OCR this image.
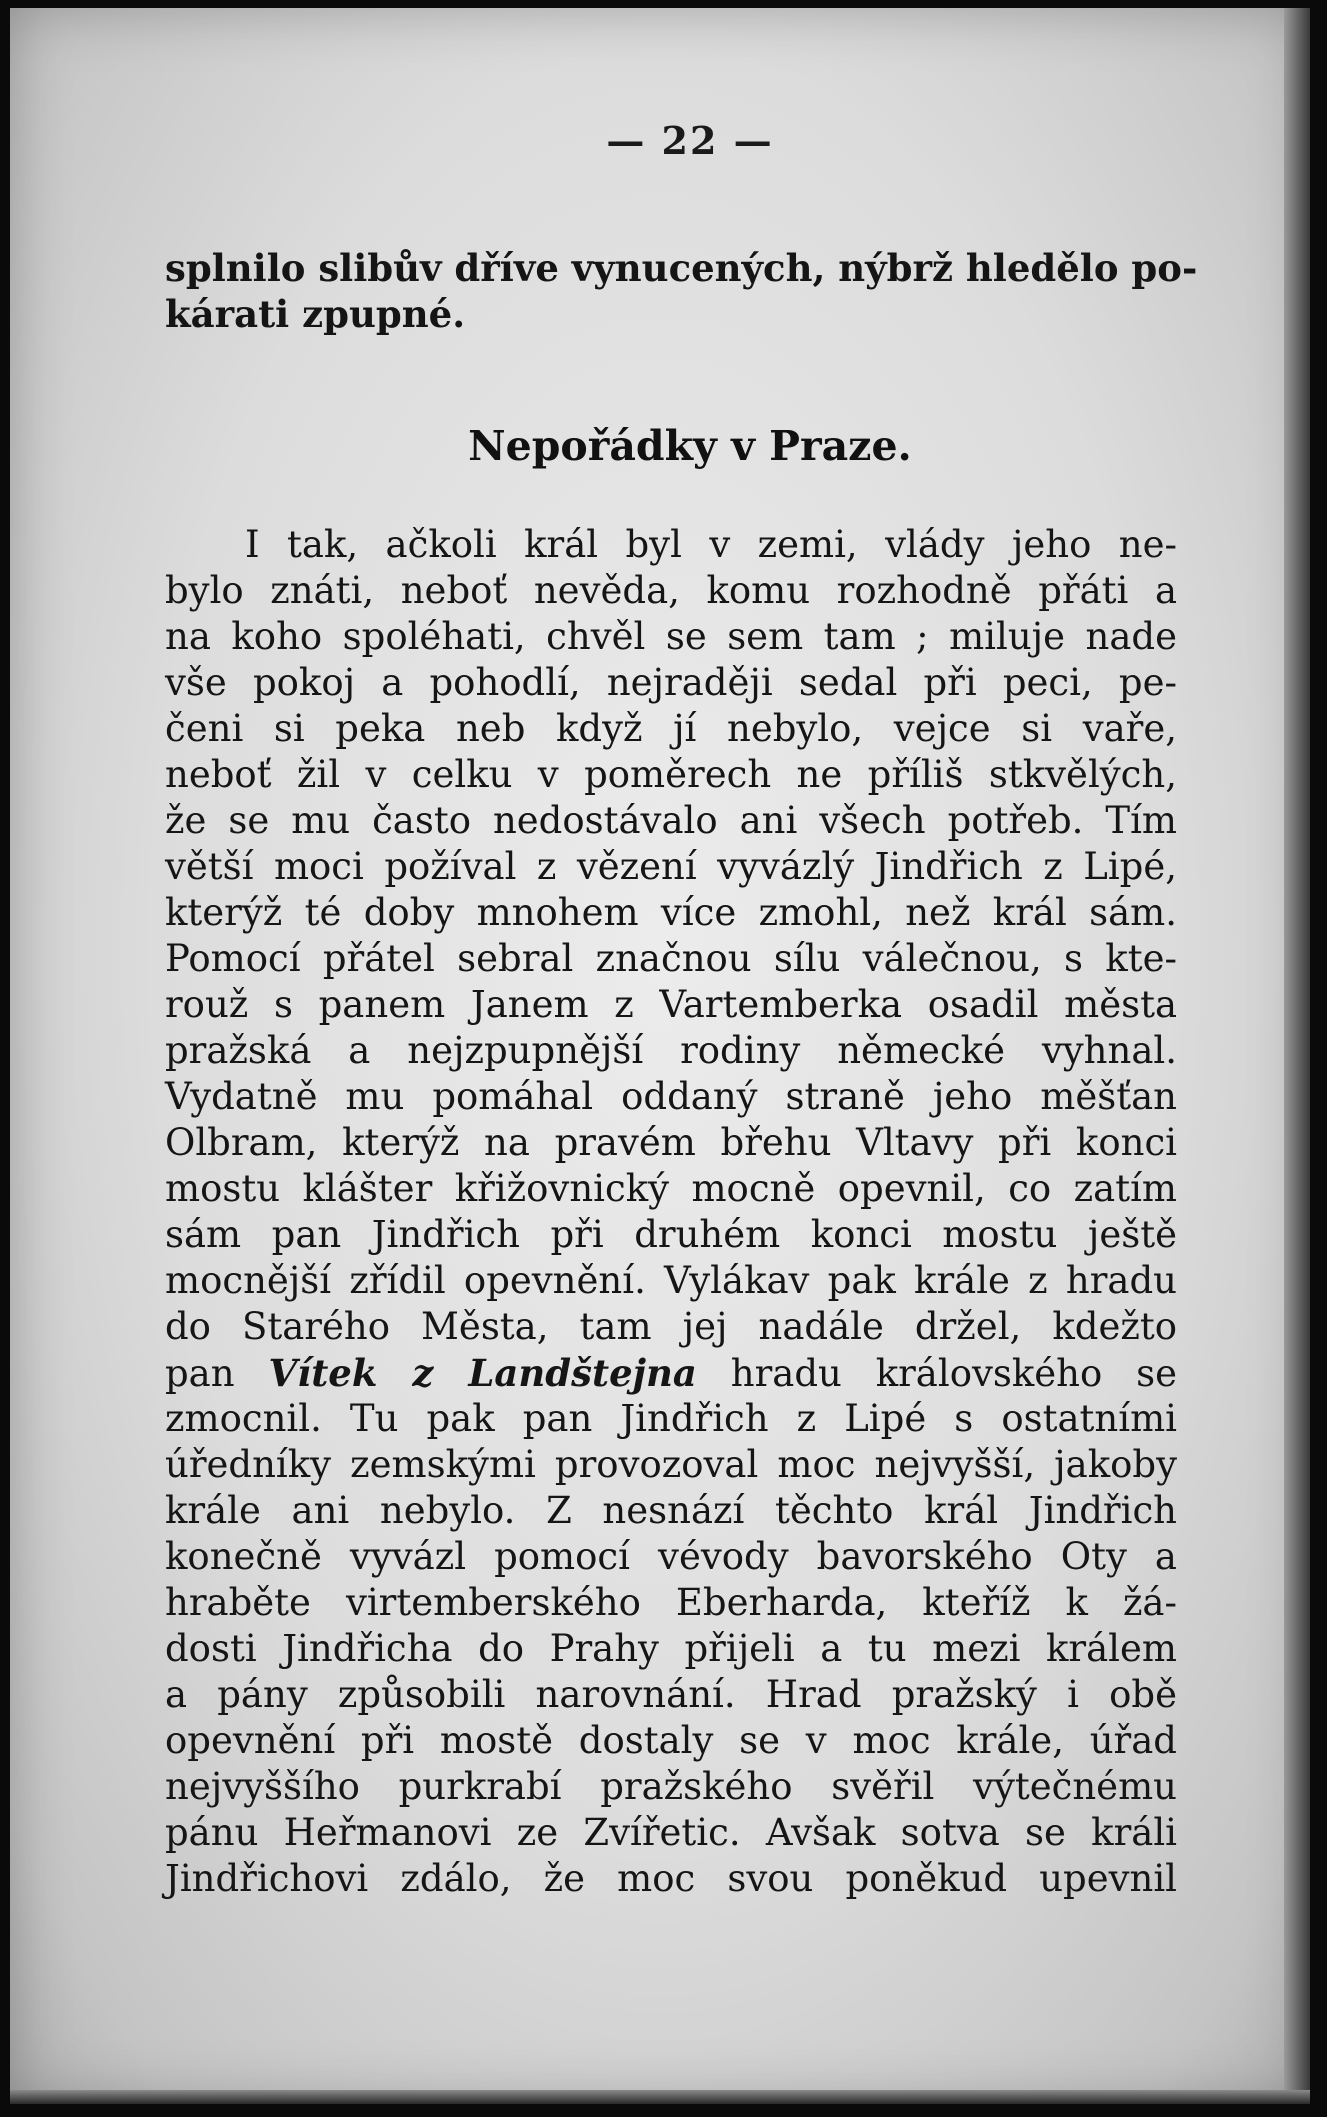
— 22 —
splnilo slibův dříve vynucených, nýbrž hledělo po-
kárati zpupné.
Nepořádky v Praze.
I tak, ačkoli král byl v zemi, vlády jeho ne-
bylo znáti, neboť nevěda, komu rozhodně přáti a
na koho spoléhati, chvěl se sem tam ; miluje nade
vše pokoj a pohodlí, nejraději sedal při peci, pe-
čeni si peka neb když jí nebylo, vejce si vaře,
neboť žil v celku v poměrech ne příliš stkvělých,
že se mu často nedostávalo ani všech potřeb. Tím
větší moci požíval z vězení vyvázlý Jindřich z Lipé,
kterýž té doby mnohem více zmohl, než král sám.
Pomocí přátel sebral značnou sílu válečnou, s kte-
rouž s panem Janem z Vartemberka osadil města
pražská a nejzpupnější rodiny německé vyhnal.
Vydatně mu pomáhal oddaný straně jeho měšťan
Olbram, kterýž na pravém břehu Vltavy při konci
mostu klášter křižovnický mocně opevnil, co zatím
sám pan Jindřich při druhém konci mostu ještě
mocnější zřídil opevnění. Vylákav pak krále z hradu
do Starého Města, tam jej nadále držel, kdežto
pan Vítek z Landštejna hradu královského se
zmocnil. Tu pak pan Jindřich z Lipé s ostatními
úředníky zemskými provozoval moc nejvyšší, jakoby
krále ani nebylo. Z nesnází těchto král Jindřich
konečně vyvázl pomocí vévody bavorského Oty a
hraběte virtemberského Eberharda, kteříž k žá-
dosti Jindřicha do Prahy přijeli a tu mezi králem
a pány způsobili narovnání. Hrad pražský i obě
opevnění při mostě dostaly se v moc krále, úřad
nejvyššího purkrabí pražského svěřil výtečnému
pánu Heřmanovi ze Zvířetic. Avšak sotva se králi
Jindřichovi zdálo, že moc svou poněkud upevnil
